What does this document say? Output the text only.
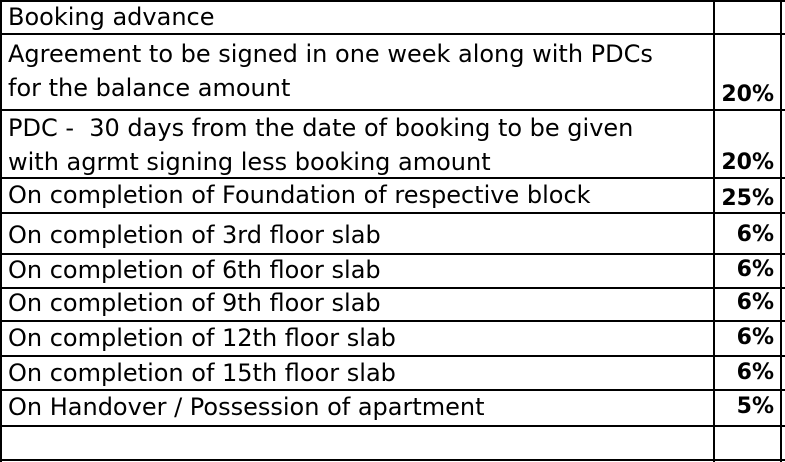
Booking advance
Agreement to be signed in one week along with PDCs
for the balance amount	20%
PDC -  30 days from the date of booking to be given
with agrmt signing less booking amount	20%
On completion of Foundation of respective block	25%
On completion of 3rd floor slab	6%
On completion of 6th floor slab	6%
On completion of 9th floor slab	6%
On completion of 12th floor slab	6%
On completion of 15th floor slab	6%
On Handover / Possession of apartment	5%
